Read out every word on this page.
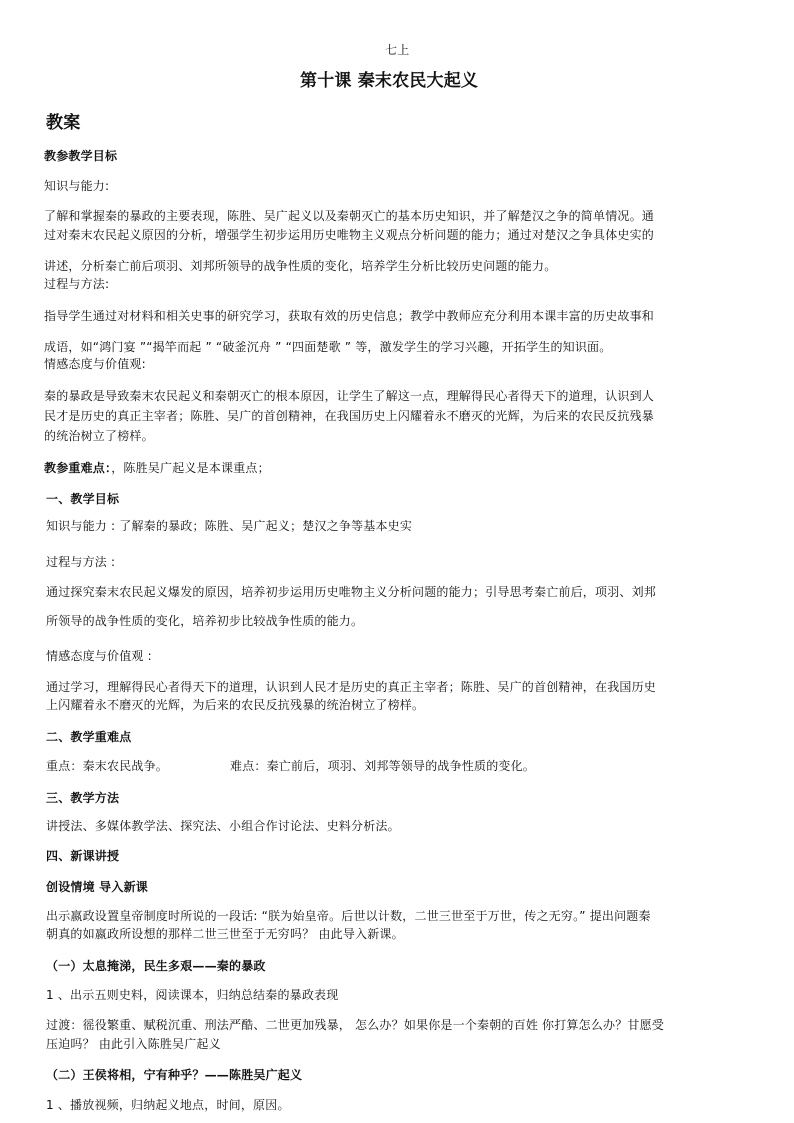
七上
第十课 秦末农民大起义
教案
教参教学目标
知识与能力:
了解和掌握秦的暴政的主要表现，陈胜、吴广起义以及秦朝灭亡的基本历史知识，并了解楚汉之争的简单情况。通
过对秦末农民起义原因的分析，增强学生初步运用历史唯物主义观点分析问题的能力；通过对楚汉之争具体史实的
讲述，分析秦亡前后项羽、刘邦所领导的战争性质的变化，培养学生分析比较历史问题的能力。
过程与方法:
指导学生通过对材料和相关史事的研究学习，获取有效的历史信息；教学中教师应充分利用本课丰富的历史故事和
成语，如“鸿门宴 ”“揭竿而起 ” “破釜沉舟 ” “四面楚歌 ” 等，激发学生的学习兴趣，开拓学生的知识面。
情感态度与价值观:
秦的暴政是导致秦末农民起义和秦朝灭亡的根本原因，让学生了解这一点，理解得民心者得天下的道理，认识到人
民才是历史的真正主宰者；陈胜、吴广的首创精神，在我国历史上闪耀着永不磨灭的光辉，为后来的农民反抗残暴
的统治树立了榜样。
教参重难点：，陈胜吴广起义是本课重点；
一、教学目标
知识与能力 : 了解秦的暴政；陈胜、吴广起义；楚汉之争等基本史实
过程与方法 :
通过探究秦末农民起义爆发的原因，培养初步运用历史唯物主义分析问题的能力；引导思考秦亡前后，项羽、刘邦
所领导的战争性质的变化，培养初步比较战争性质的能力。
情感态度与价值观 :
通过学习，理解得民心者得天下的道理，认识到人民才是历史的真正主宰者；陈胜、吴广的首创精神，在我国历史
上闪耀着永不磨灭的光辉，为后来的农民反抗残暴的统治树立了榜样。
二、教学重难点
重点：秦末农民战争。	难点：秦亡前后，项羽、刘邦等领导的战争性质的变化。
三、教学方法
讲授法、多媒体教学法、探究法、小组合作讨论法、史料分析法。
四、新课讲授
创设情境 导入新课
出示嬴政设置皇帝制度时所说的一段话: “朕为始皇帝。后世以计数，二世三世至于万世，传之无穷。” 提出问题秦
朝真的如嬴政所设想的那样二世三世至于无穷吗？ 由此导入新课。
（一）太息掩涕，民生多艰——秦的暴政
1 、出示五则史料，阅读课本，归纳总结秦的暴政表现
过渡：徭役繁重、赋税沉重、刑法严酷、二世更加残暴， 怎么办？如果你是一个秦朝的百姓 你打算怎么办？甘愿受
压迫吗？ 由此引入陈胜吴广起义
（二）王侯将相，宁有种乎？——陈胜吴广起义
1 、播放视频，归纳起义地点，时间，原因。
